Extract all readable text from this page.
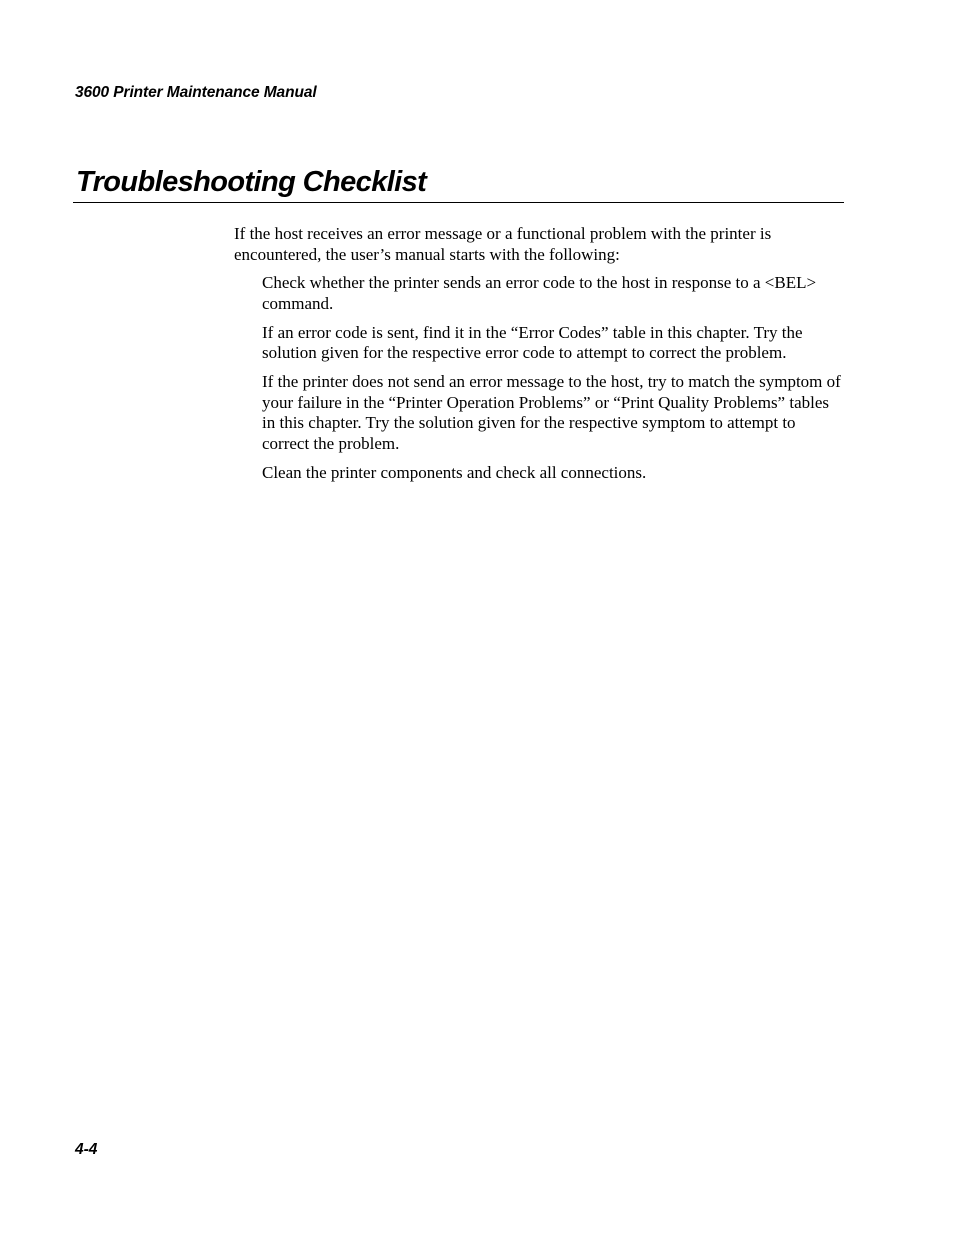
3600 Printer Maintenance Manual
Troubleshooting Checklist

If the host receives an error message or a functional problem with the printer is encountered, the user’s manual starts with the following:

Check whether the printer sends an error code to the host in response to a <BEL> command.
If an error code is sent, find it in the “Error Codes” table in this chapter. Try the solution given for the respective error code to attempt to correct the problem.
If the printer does not send an error message to the host, try to match the symptom of your failure in the “Printer Operation Problems” or “Print Quality Problems” tables in this chapter. Try the solution given for the respective symptom to attempt to correct the problem.
Clean the printer components and check all connections.
4-4
